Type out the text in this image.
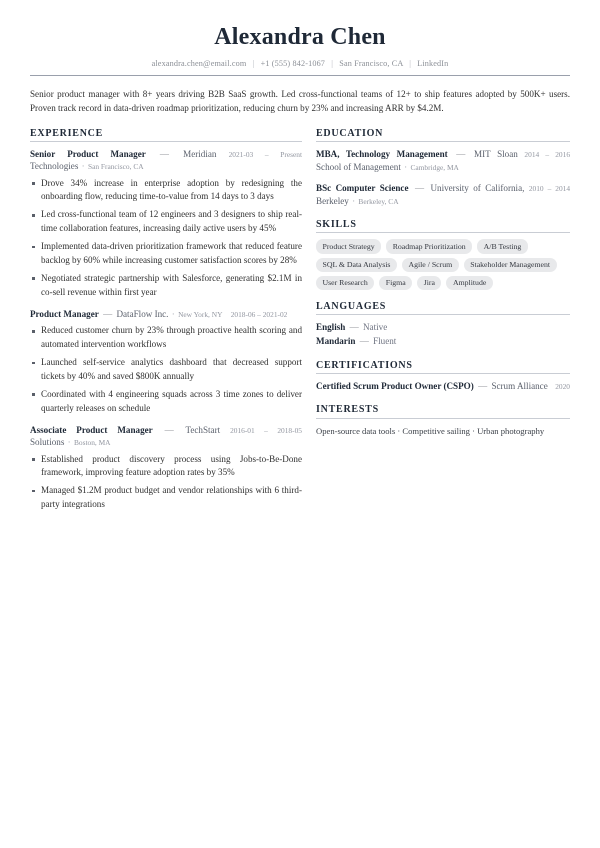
Alexandra Chen
alexandra.chen@email.com | +1 (555) 842-1067 | San Francisco, CA | LinkedIn
Senior product manager with 8+ years driving B2B SaaS growth. Led cross-functional teams of 12+ to ship features adopted by 500K+ users. Proven track record in data-driven roadmap prioritization, reducing churn by 23% and increasing ARR by $4.2M.
EXPERIENCE
Senior Product Manager — Meridian 2021-03 – Present
Technologies · San Francisco, CA
Drove 34% increase in enterprise adoption by redesigning the onboarding flow, reducing time-to-value from 14 days to 3 days
Led cross-functional team of 12 engineers and 3 designers to ship real-time collaboration features, increasing daily active users by 45%
Implemented data-driven prioritization framework that reduced feature backlog by 60% while increasing customer satisfaction scores by 28%
Negotiated strategic partnership with Salesforce, generating $2.1M in co-sell revenue within first year
Product Manager — DataFlow Inc. · New York, NY 2018-06 – 2021-02
Reduced customer churn by 23% through proactive health scoring and automated intervention workflows
Launched self-service analytics dashboard that decreased support tickets by 40% and saved $800K annually
Coordinated with 4 engineering squads across 3 time zones to deliver quarterly releases on schedule
Associate Product Manager — TechStart 2016-01 – 2018-05
Solutions · Boston, MA
Established product discovery process using Jobs-to-Be-Done framework, improving feature adoption rates by 35%
Managed $1.2M product budget and vendor relationships with 6 third-party integrations
EDUCATION
MBA, Technology Management — MIT Sloan 2014 – 2016
School of Management · Cambridge, MA
BSc Computer Science — University of California, 2010 – 2014
Berkeley · Berkeley, CA
SKILLS
Product Strategy	Roadmap Prioritization	A/B Testing
SQL & Data Analysis	Agile / Scrum	Stakeholder Management
User Research	Figma	Jira	Amplitude
LANGUAGES
English — Native
Mandarin — Fluent
CERTIFICATIONS
Certified Scrum Product Owner (CSPO) — Scrum Alliance	2020
INTERESTS
Open-source data tools · Competitive sailing · Urban photography
